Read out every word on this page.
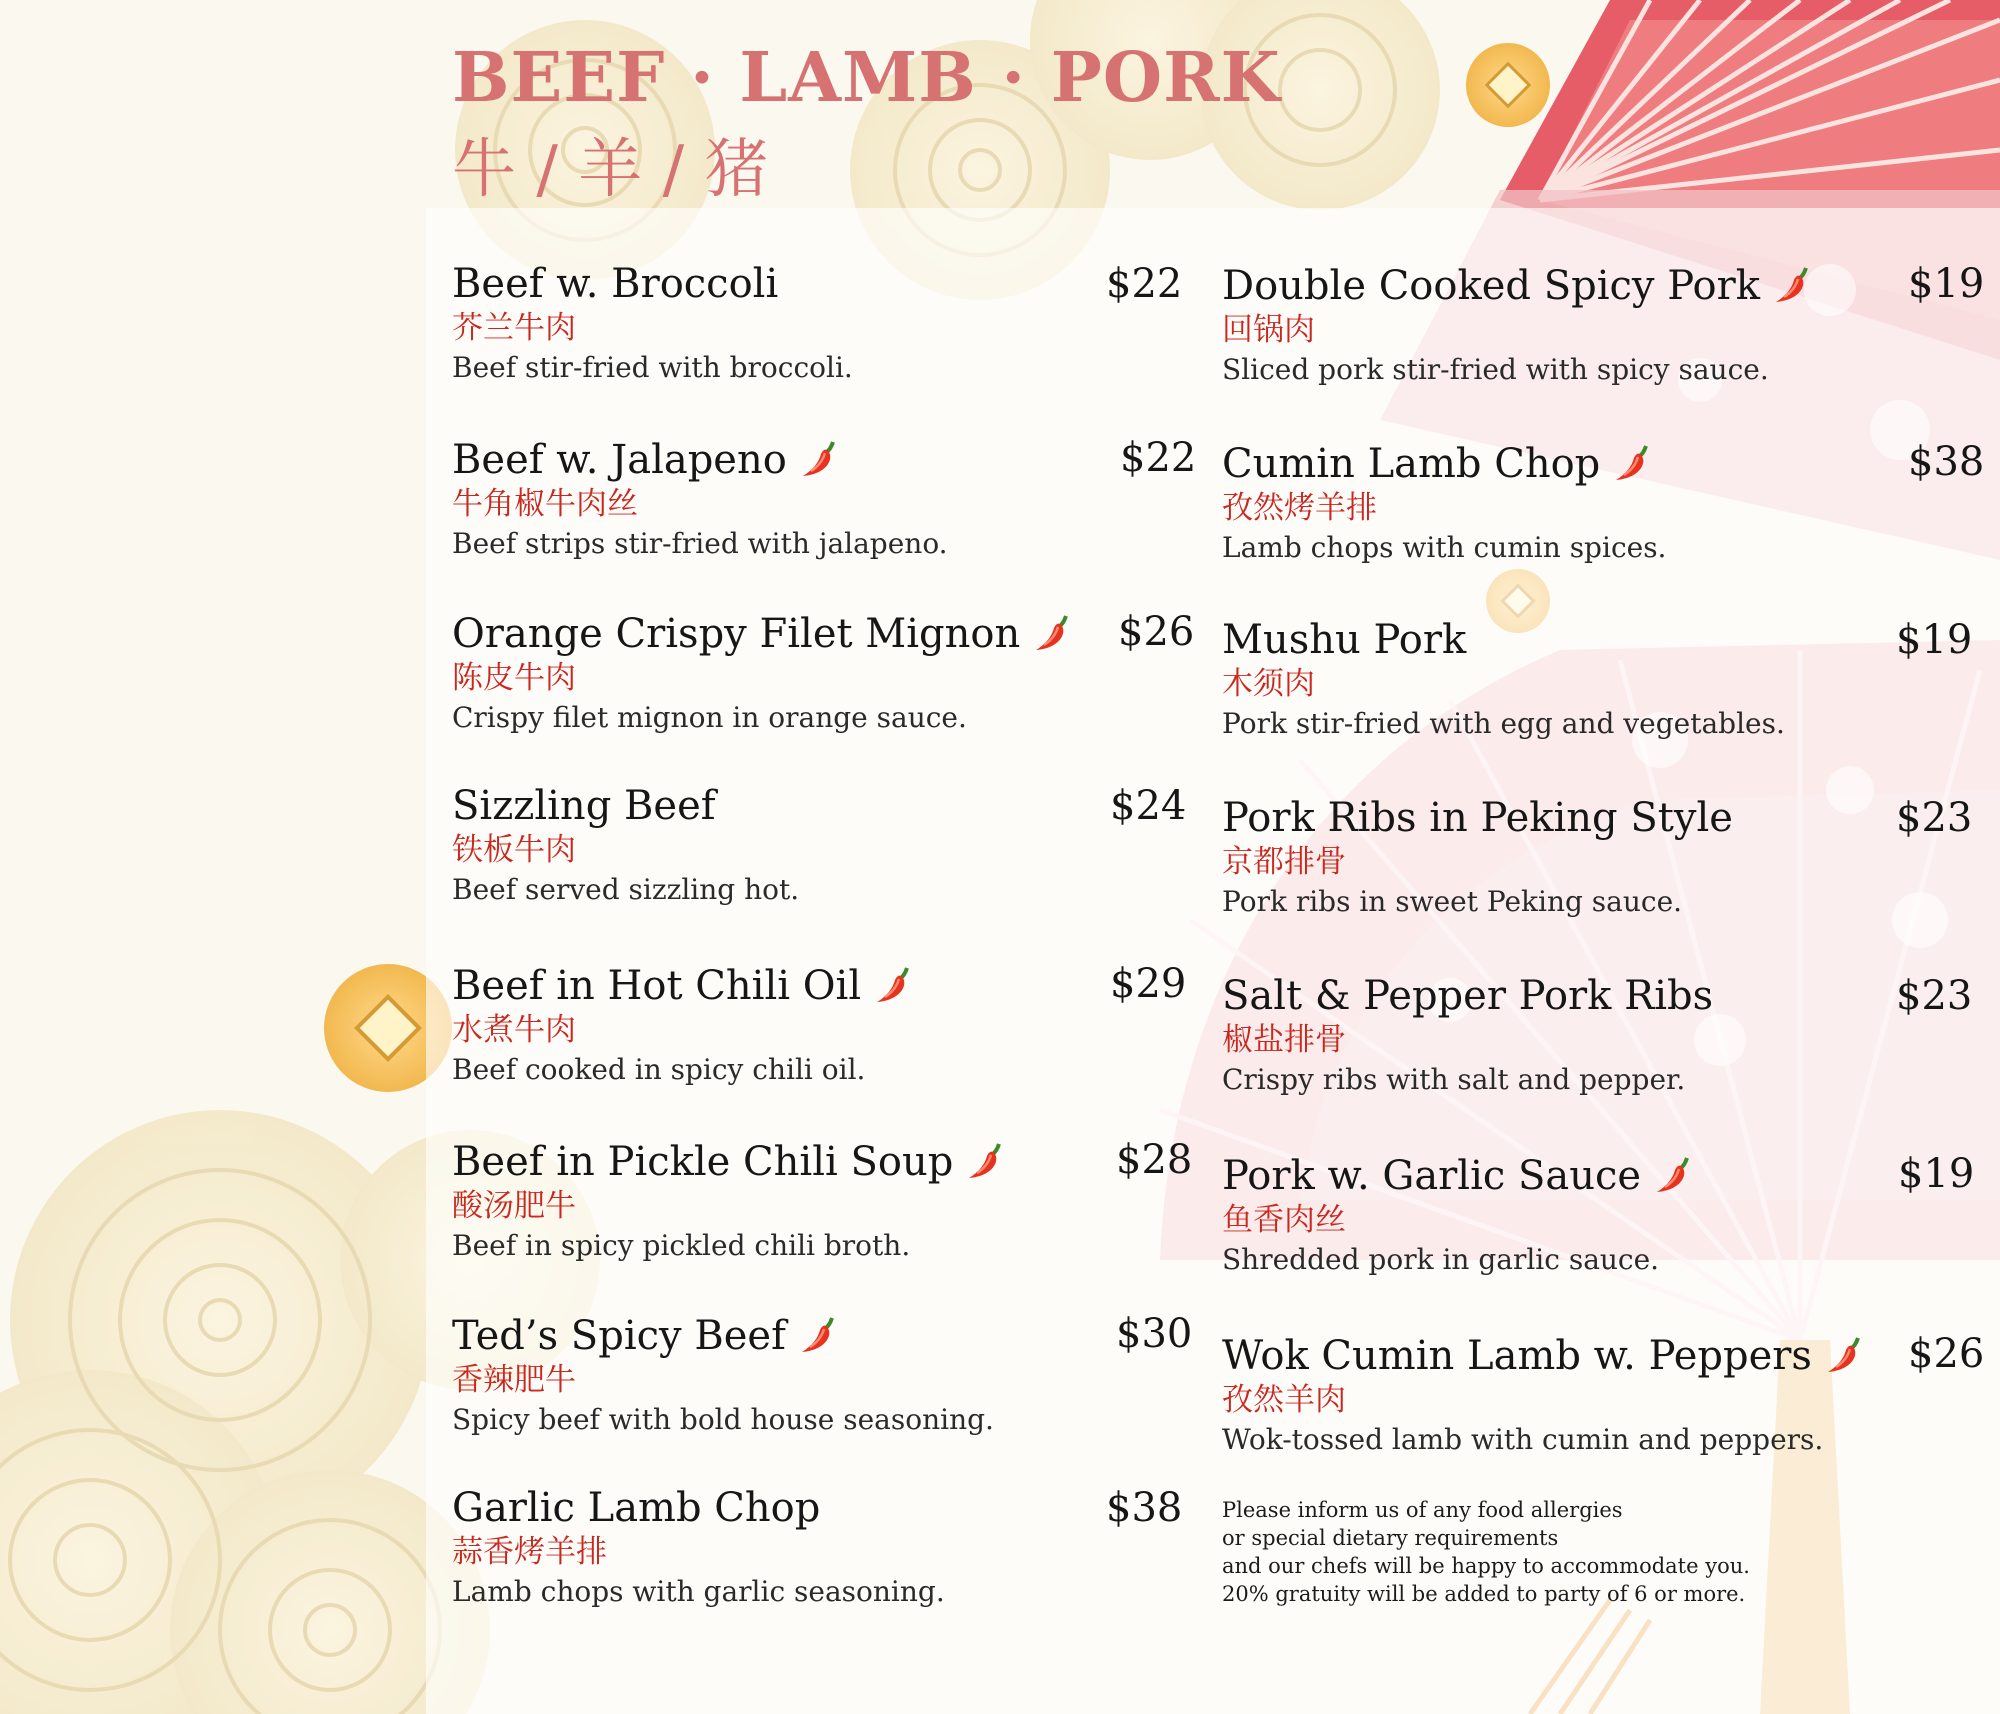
BEEF · LAMB · PORK
牛 / 羊 / 猪
Beef w. Broccoli
芥兰牛肉
Beef stir-fried with broccoli.
$22
Beef w. Jalapeno
牛角椒牛肉丝
Beef strips stir-fried with jalapeno.
$22
Orange Crispy Filet Mignon
陈皮牛肉
Crispy filet mignon in orange sauce.
$26
Sizzling Beef
铁板牛肉
Beef served sizzling hot.
$24
Beef in Hot Chili Oil
水煮牛肉
Beef cooked in spicy chili oil.
$29
Beef in Pickle Chili Soup
酸汤肥牛
Beef in spicy pickled chili broth.
$28
Ted’s Spicy Beef
香辣肥牛
Spicy beef with bold house seasoning.
$30
Garlic Lamb Chop
蒜香烤羊排
Lamb chops with garlic seasoning.
$38
Double Cooked Spicy Pork
回锅肉
Sliced pork stir-fried with spicy sauce.
$19
Cumin Lamb Chop
孜然烤羊排
Lamb chops with cumin spices.
$38
Mushu Pork
木须肉
Pork stir-fried with egg and vegetables.
$19
Pork Ribs in Peking Style
京都排骨
Pork ribs in sweet Peking sauce.
$23
Salt & Pepper Pork Ribs
椒盐排骨
Crispy ribs with salt and pepper.
$23
Pork w. Garlic Sauce
鱼香肉丝
Shredded pork in garlic sauce.
$19
Wok Cumin Lamb w. Peppers
孜然羊肉
Wok-tossed lamb with cumin and peppers.
$26
Please inform us of any food allergies
or special dietary requirements
and our chefs will be happy to accommodate you.
20% gratuity will be added to party of 6 or more.
